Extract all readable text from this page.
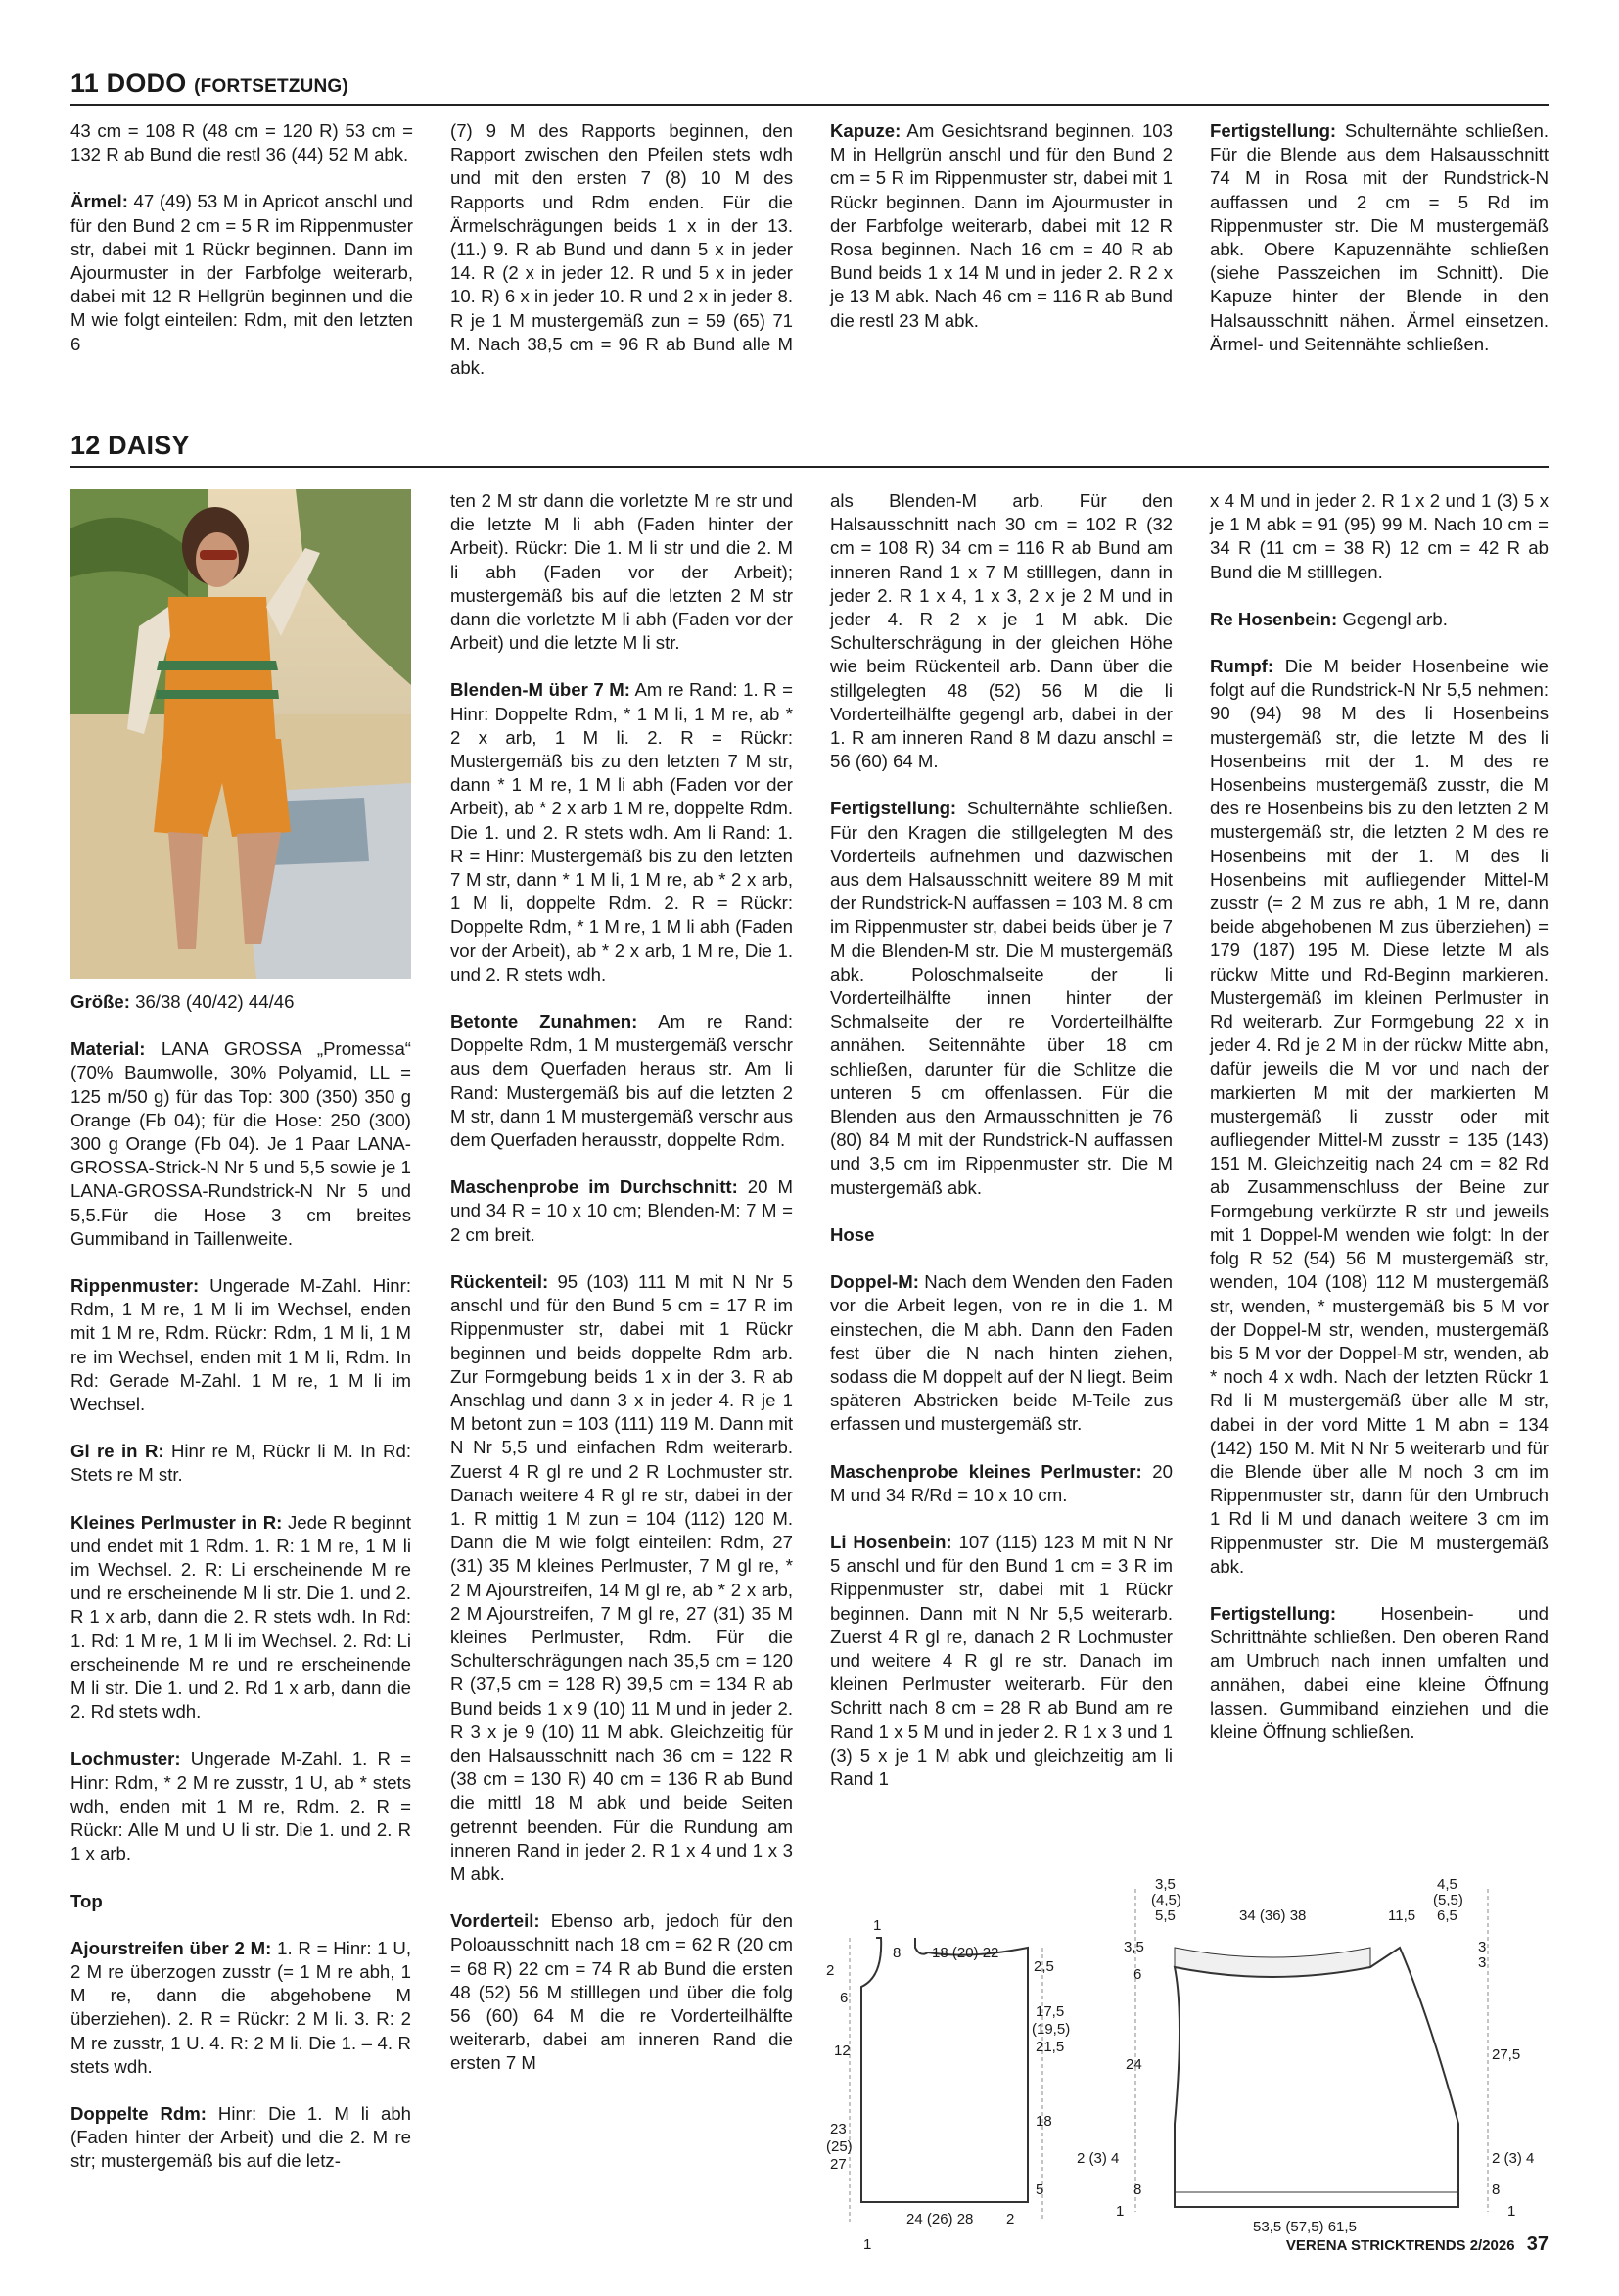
11 DODO (FORTSETZUNG)

43 cm = 108 R (48 cm = 120 R) 53 cm = 132 R ab Bund die restl 36 (44) 52 M abk.

Ärmel: 47 (49) 53 M in Apricot anschl und für den Bund 2 cm = 5 R im Rippenmuster str, dabei mit 1 Rückr beginnen. Dann im Ajourmuster in der Farbfolge weiterarb, dabei mit 12 R Hellgrün beginnen und die M wie folgt einteilen: Rdm, mit den letzten 6

(7) 9 M des Rapports beginnen, den Rapport zwischen den Pfeilen stets wdh und mit den ersten 7 (8) 10 M des Rapports und Rdm enden. Für die Ärmelschrägungen beids 1 x in der 13. (11.) 9. R ab Bund und dann 5 x in jeder 14. R (2 x in jeder 12. R und 5 x in jeder 10. R) 6 x in jeder 10. R und 2 x in jeder 8. R je 1 M mustergemäß zun = 59 (65) 71 M. Nach 38,5 cm = 96 R ab Bund alle M abk.

Kapuze: Am Gesichtsrand beginnen. 103 M in Hellgrün anschl und für den Bund 2 cm = 5 R im Rippenmuster str, dabei mit 1 Rückr beginnen. Dann im Ajourmuster in der Farbfolge weiterarb, dabei mit 12 R Rosa beginnen. Nach 16 cm = 40 R ab Bund beids 1 x 14 M und in jeder 2. R 2 x je 13 M abk. Nach 46 cm = 116 R ab Bund die restl 23 M abk.

Fertigstellung: Schulternähte schließen. Für die Blende aus dem Halsausschnitt 74 M in Rosa mit der Rundstrick-N auffassen und 2 cm = 5 Rd im Rippenmuster str. Die M mustergemäß abk. Obere Kapuzennähte schließen (siehe Passzeichen im Schnitt). Die Kapuze hinter der Blende in den Halsausschnitt nähen. Ärmel einsetzen. Ärmel- und Seitennähte schließen.

12 DAISY

Größe: 36/38 (40/42) 44/46

Material: LANA GROSSA „Promessa“ (70% Baumwolle, 30% Polyamid, LL = 125 m/50 g) für das Top: 300 (350) 350 g Orange (Fb 04); für die Hose: 250 (300) 300 g Orange (Fb 04). Je 1 Paar LANA-GROSSA-Strick-N Nr 5 und 5,5 sowie je 1 LANA-GROSSA-Rundstrick-N Nr 5 und 5,5.Für die Hose 3 cm breites Gummiband in Taillenweite.

Rippenmuster: Ungerade M-Zahl. Hinr: Rdm, 1 M re, 1 M li im Wechsel, enden mit 1 M re, Rdm. Rückr: Rdm, 1 M li, 1 M re im Wechsel, enden mit 1 M li, Rdm. In Rd: Gerade M-Zahl. 1 M re, 1 M li im Wechsel.

Gl re in R: Hinr re M, Rückr li M. In Rd: Stets re M str.

Kleines Perlmuster in R: Jede R beginnt und endet mit 1 Rdm. 1. R: 1 M re, 1 M li im Wechsel. 2. R: Li erscheinende M re und re erscheinende M li str. Die 1. und 2. R 1 x arb, dann die 2. R stets wdh. In Rd: 1. Rd: 1 M re, 1 M li im Wechsel. 2. Rd: Li erscheinende M re und re erscheinende M li str. Die 1. und 2. Rd 1 x arb, dann die 2. Rd stets wdh.

Lochmuster: Ungerade M-Zahl. 1. R = Hinr: Rdm, * 2 M re zusstr, 1 U, ab * stets wdh, enden mit 1 M re, Rdm. 2. R = Rückr: Alle M und U li str. Die 1. und 2. R 1 x arb.

Top

Ajourstreifen über 2 M: 1. R = Hinr: 1 U, 2 M re überzogen zusstr (= 1 M re abh, 1 M re, dann die abgehobene M überziehen). 2. R = Rückr: 2 M li. 3. R: 2 M re zusstr, 1 U. 4. R: 2 M li. Die 1. – 4. R stets wdh.

Doppelte Rdm: Hinr: Die 1. M li abh (Faden hinter der Arbeit) und die 2. M re str; mustergemäß bis auf die letz-

ten 2 M str dann die vorletzte M re str und die letzte M li abh (Faden hinter der Arbeit). Rückr: Die 1. M li str und die 2. M li abh (Faden vor der Arbeit); mustergemäß bis auf die letzten 2 M str dann die vorletzte M li abh (Faden vor der Arbeit) und die letzte M li str.

Blenden-M über 7 M: Am re Rand: 1. R = Hinr: Doppelte Rdm, * 1 M li, 1 M re, ab * 2 x arb, 1 M li. 2. R = Rückr: Mustergemäß bis zu den letzten 7 M str, dann * 1 M re, 1 M li abh (Faden vor der Arbeit), ab * 2 x arb 1 M re, doppelte Rdm. Die 1. und 2. R stets wdh. Am li Rand: 1. R = Hinr: Mustergemäß bis zu den letzten 7 M str, dann * 1 M li, 1 M re, ab * 2 x arb, 1 M li, doppelte Rdm. 2. R = Rückr: Doppelte Rdm, * 1 M re, 1 M li abh (Faden vor der Arbeit), ab * 2 x arb, 1 M re, Die 1. und 2. R stets wdh.

Betonte Zunahmen: Am re Rand: Doppelte Rdm, 1 M mustergemäß verschr aus dem Querfaden heraus str. Am li Rand: Mustergemäß bis auf die letzten 2 M str, dann 1 M mustergemäß verschr aus dem Querfaden herausstr, doppelte Rdm.

Maschenprobe im Durchschnitt: 20 M und 34 R = 10 x 10 cm; Blenden-M: 7 M = 2 cm breit.

Rückenteil: 95 (103) 111 M mit N Nr 5 anschl und für den Bund 5 cm = 17 R im Rippenmuster str, dabei mit 1 Rückr beginnen und beids doppelte Rdm arb. Zur Formgebung beids 1 x in der 3. R ab Anschlag und dann 3 x in jeder 4. R je 1 M betont zun = 103 (111) 119 M. Dann mit N Nr 5,5 und einfachen Rdm weiterarb. Zuerst 4 R gl re und 2 R Lochmuster str. Danach weitere 4 R gl re str, dabei in der 1. R mittig 1 M zun = 104 (112) 120 M. Dann die M wie folgt einteilen: Rdm, 27 (31) 35 M kleines Perlmuster, 7 M gl re, * 2 M Ajourstreifen, 14 M gl re, ab * 2 x arb, 2 M Ajourstreifen, 7 M gl re, 27 (31) 35 M kleines Perlmuster, Rdm. Für die Schulterschrägungen nach 35,5 cm = 120 R (37,5 cm = 128 R) 39,5 cm = 134 R ab Bund beids 1 x 9 (10) 11 M und in jeder 2. R 3 x je 9 (10) 11 M abk. Gleichzeitig für den Halsausschnitt nach 36 cm = 122 R (38 cm = 130 R) 40 cm = 136 R ab Bund die mittl 18 M abk und beide Seiten getrennt beenden. Für die Rundung am inneren Rand in jeder 2. R 1 x 4 und 1 x 3 M abk.

Vorderteil: Ebenso arb, jedoch für den Poloausschnitt nach 18 cm = 62 R (20 cm = 68 R) 22 cm = 74 R ab Bund die ersten 48 (52) 56 M stilllegen und über die folg 56 (60) 64 M die re Vorderteilhälfte weiterarb, dabei am inneren Rand die ersten 7 M

als Blenden-M arb. Für den Halsausschnitt nach 30 cm = 102 R (32 cm = 108 R) 34 cm = 116 R ab Bund am inneren Rand 1 x 7 M stilllegen, dann in jeder 2. R 1 x 4, 1 x 3, 2 x je 2 M und in jeder 4. R 2 x je 1 M abk. Die Schulterschrägung in der gleichen Höhe wie beim Rückenteil arb. Dann über die stillgelegten 48 (52) 56 M die li Vorderteilhälfte gegengl arb, dabei in der 1. R am inneren Rand 8 M dazu anschl = 56 (60) 64 M.

Fertigstellung: Schulternähte schließen. Für den Kragen die stillgelegten M des Vorderteils aufnehmen und dazwischen aus dem Halsausschnitt weitere 89 M mit der Rundstrick-N auffassen = 103 M. 8 cm im Rippenmuster str, dabei beids über je 7 M die Blenden-M str. Die M mustergemäß abk. Poloschmalseite der li Vorderteilhälfte innen hinter der Schmalseite der re Vorderteilhälfte annähen. Seitennähte über 18 cm schließen, darunter für die Schlitze die unteren 5 cm offenlassen. Für die Blenden aus den Armausschnitten je 76 (80) 84 M mit der Rundstrick-N auffassen und 3,5 cm im Rippenmuster str. Die M mustergemäß abk.

Hose

Doppel-M: Nach dem Wenden den Faden vor die Arbeit legen, von re in die 1. M einstechen, die M abh. Dann den Faden fest über die N nach hinten ziehen, sodass die M doppelt auf der N liegt. Beim späteren Abstricken beide M-Teile zus erfassen und mustergemäß str.

Maschenprobe kleines Perlmuster: 20 M und 34 R/Rd = 10 x 10 cm.

Li Hosenbein: 107 (115) 123 M mit N Nr 5 anschl und für den Bund 1 cm = 3 R im Rippenmuster str, dabei mit 1 Rückr beginnen. Dann mit N Nr 5,5 weiterarb. Zuerst 4 R gl re, danach 2 R Lochmuster und weitere 4 R gl re str. Danach im kleinen Perlmuster weiterarb. Für den Schritt nach 8 cm = 28 R ab Bund am re Rand 1 x 5 M und in jeder 2. R 1 x 3 und 1 (3) 5 x je 1 M abk und gleichzeitig am li Rand 1

x 4 M und in jeder 2. R 1 x 2 und 1 (3) 5 x je 1 M abk = 91 (95) 99 M. Nach 10 cm = 34 R (11 cm = 38 R) 12 cm = 42 R ab Bund die M stilllegen.

Re Hosenbein: Gegengl arb.

Rumpf: Die M beider Hosenbeine wie folgt auf die Rundstrick-N Nr 5,5 nehmen: 90 (94) 98 M des li Hosenbeins mustergemäß str, die letzte M des li Hosenbeins mit der 1. M des re Hosenbeins mustergemäß zusstr, die M des re Hosenbeins bis zu den letzten 2 M mustergemäß str, die letzten 2 M des re Hosenbeins mit der 1. M des li Hosenbeins mit aufliegender Mittel-M zusstr (= 2 M zus re abh, 1 M re, dann beide abgehobenen M zus überziehen) = 179 (187) 195 M. Diese letzte M als rückw Mitte und Rd-Beginn markieren. Mustergemäß im kleinen Perlmuster in Rd weiterarb. Zur Formgebung 22 x in jeder 4. Rd je 2 M in der rückw Mitte abn, dafür jeweils die M vor und nach der markierten M mit der markierten M mustergemäß li zusstr oder mit aufliegender Mittel-M zusstr = 135 (143) 151 M. Gleichzeitig nach 24 cm = 82 Rd ab Zusammenschluss der Beine zur Formgebung verkürzte R str und jeweils mit 1 Doppel-M wenden wie folgt: In der folg R 52 (54) 56 M mustergemäß str, wenden, 104 (108) 112 M mustergemäß str, wenden, * mustergemäß bis 5 M vor der Doppel-M str, wenden, mustergemäß bis 5 M vor der Doppel-M str, wenden, ab * noch 4 x wdh. Nach der letzten Rückr 1 Rd li M mustergemäß über alle M str, dabei in der vord Mitte 1 M abn = 134 (142) 150 M. Mit N Nr 5 weiterarb und für die Blende über alle M noch 3 cm im Rippenmuster str, dann für den Umbruch 1 Rd li M und danach weitere 3 cm im Rippenmuster str. Die M mustergemäß abk.

Fertigstellung: Hosenbein- und Schrittnähte schließen. Den oberen Rand am Umbruch nach innen umfalten und annähen, dabei eine kleine Öffnung lassen. Gummiband einziehen und die kleine Öffnung schließen.

1
8 18 (20) 22
2
6
12
23
(25)
27
2,5
17,5
(19,5)
21,5
18
5
1
24 (26) 28 2
3,5
(4,5)
5,5	34 (36) 38	11,5
4,5
(5,5)
6,5
3,5
6
24
2 (3) 4
8
1
3
3
27,5
2 (3) 4
8
1
53,5 (57,5) 61,5
VERENA STRICKTRENDS 2/2026 37
